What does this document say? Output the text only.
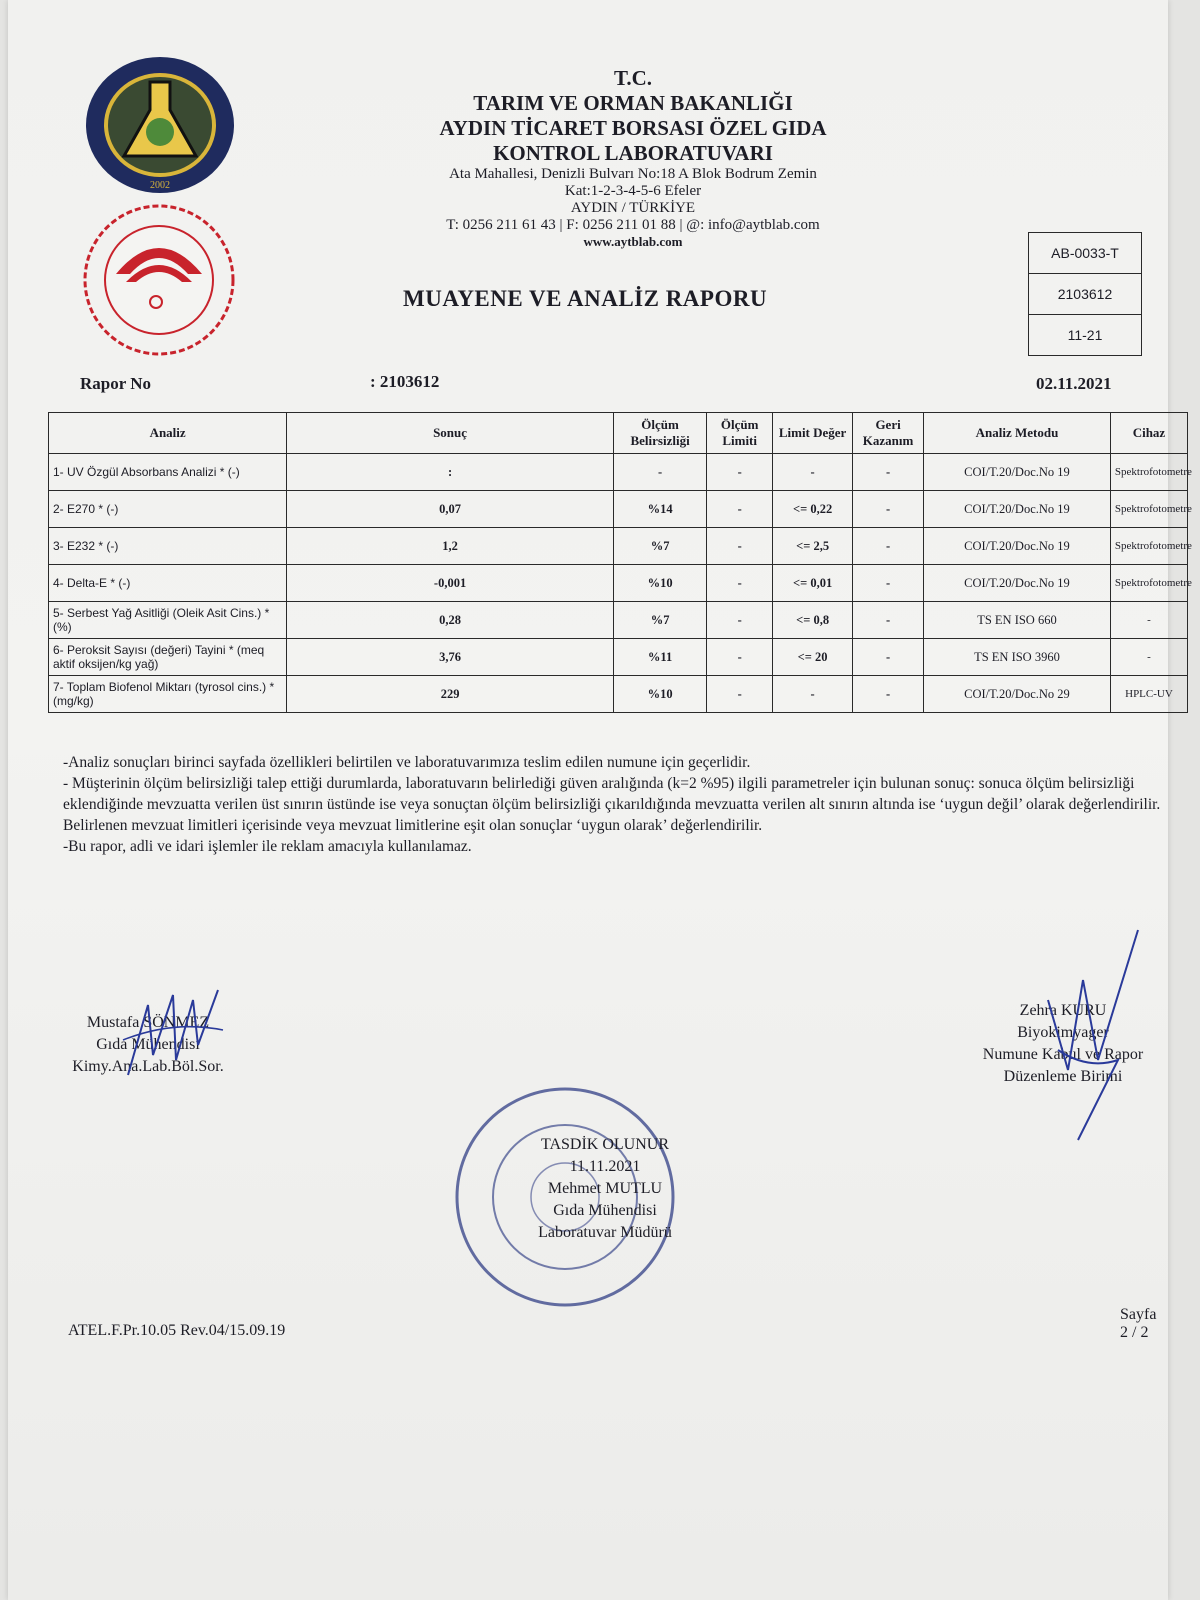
2002
T.C.
TARIM VE ORMAN BAKANLIĞI
AYDIN TİCARET BORSASI ÖZEL GIDA
KONTROL LABORATUVARI
Ata Mahallesi, Denizli Bulvarı No:18 A Blok Bodrum Zemin
Kat:1-2-3-4-5-6 Efeler
AYDIN / TÜRKİYE
T: 0256 211 61 43 | F: 0256 211 01 88 | @: info@aytblab.com
www.aytblab.com
AB-0033-T
2103612
11-21
MUAYENE VE ANALİZ RAPORU
Rapor No	: 2103612	02.11.2021
Analiz	Sonuç	Ölçüm Belirsizliği	Ölçüm Limiti	Limit Değer	Geri Kazanım	Analiz Metodu	Cihaz
1- UV Özgül Absorbans Analizi * (-)	:	-	-	-	-	COI/T.20/Doc.No 19	Spektrofotometre
2- E270 * (-)	0,07	%14	-	<= 0,22	-	COI/T.20/Doc.No 19	Spektrofotometre
3- E232 * (-)	1,2	%7	-	<= 2,5	-	COI/T.20/Doc.No 19	Spektrofotometre
4- Delta-E * (-)	-0,001	%10	-	<= 0,01	-	COI/T.20/Doc.No 19	Spektrofotometre
5- Serbest Yağ Asitliği (Oleik Asit Cins.) * (%)	0,28	%7	-	<= 0,8	-	TS EN ISO 660	-
6- Peroksit Sayısı (değeri) Tayini * (meq aktif oksijen/kg yağ)	3,76	%11	-	<= 20	-	TS EN ISO 3960	-
7- Toplam Biofenol Miktarı (tyrosol cins.) * (mg/kg)	229	%10	-	-	-	COI/T.20/Doc.No 29	HPLC-UV

-Analiz sonuçları birinci sayfada özellikleri belirtilen ve laboratuvarımıza teslim edilen numune için geçerlidir.

- Müşterinin ölçüm belirsizliği talep ettiği durumlarda, laboratuvarın belirlediği güven aralığında (k=2 %95) ilgili parametreler için bulunan sonuç: sonuca ölçüm belirsizliği eklendiğinde mevzuatta verilen üst sınırın üstünde ise veya sonuçtan ölçüm belirsizliği çıkarıldığında mevzuatta verilen alt sınırın altında ise ‘uygun değil’ olarak değerlendirilir. Belirlenen mevzuat limitleri içerisinde veya mevzuat limitlerine eşit olan sonuçlar ‘uygun olarak’ değerlendirilir.

-Bu rapor, adli ve idari işlemler ile reklam amacıyla kullanılamaz.

Mustafa SÖNMEZ
Gıda Mühendisi
Kimy.Ana.Lab.Böl.Sor.
Zehra KURU
Biyokimyager
Numune Kabul ve Rapor
Düzenleme Birimi
TASDİK OLUNUR
11.11.2021
Mehmet MUTLU
Gıda Mühendisi
Laboratuvar Müdürü
ATEL.F.Pr.10.05 Rev.04/15.09.19
Sayfa 2 / 2
